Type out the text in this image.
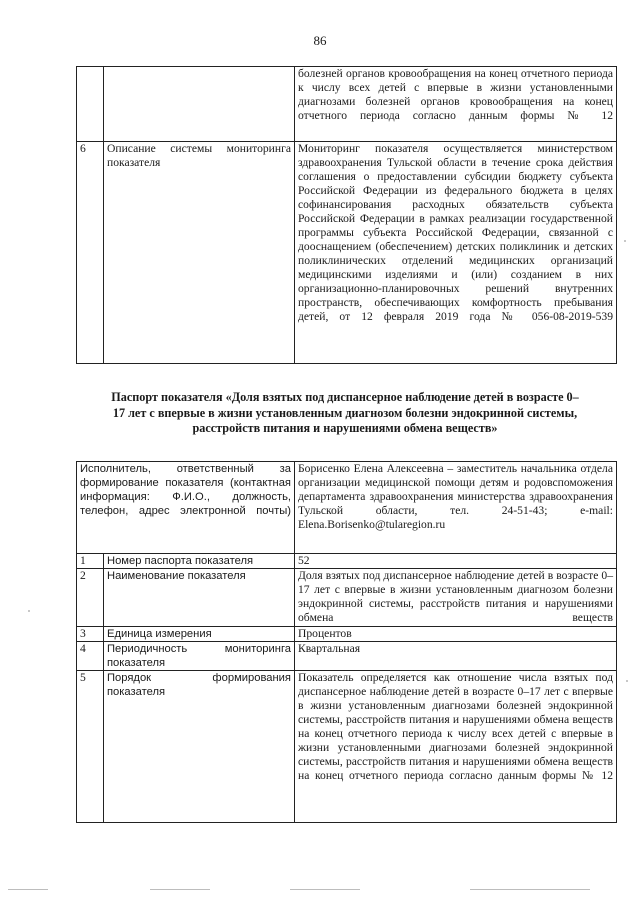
86
		болезней органов кровообращения на конец отчетного периода к числу всех детей с впервые в жизни установленными диагнозами болезней органов кровообращения на конец отчетного периода согласно данным формы № 12
6	Описание системы мониторинга показателя	Мониторинг показателя осуществляется министерством здравоохранения Тульской области в течение срока действия соглашения о предоставлении субсидии бюджету субъекта Российской Федерации из федерального бюджета в целях софинансирования расходных обязательств субъекта Российской Федерации в рамках реализации государственной программы субъекта Российской Федерации, связанной с дооснащением (обеспечением) детских поликлиник и детских поликлинических отделений медицинских организаций медицинскими изделиями и (или) созданием в них организационно-планировочных решений внутренних пространств, обеспечивающих комфортность пребывания детей, от 12 февраля 2019 года № 056-08-2019-539
Паспорт показателя «Доля взятых под диспансерное наблюдение детей в возрасте 0–17 лет с впервые в жизни установленным диагнозом болезни эндокринной системы, расстройств питания и нарушениями обмена веществ»
Исполнитель, ответственный за формирование показателя (контактная информация: Ф.И.О., должность, телефон, адрес электронной почты)		Борисенко Елена Алексеевна – заместитель начальника отдела организации медицинской помощи детям и родовспоможения департамента здравоохранения министерства здравоохранения Тульской области, тел. 24-51-43; e-mail: Elena.Borisenko@tularegion.ru
1	Номер паспорта показателя	52
2	Наименование показателя	Доля взятых под диспансерное наблюдение детей в возрасте 0–17 лет с впервые в жизни установленным диагнозом болезни эндокринной системы, расстройств питания и нарушениями обмена веществ
3	Единица измерения	Процентов
4	Периодичность мониторинга показателя	Квартальная
5	Порядок формирования показателя	Показатель определяется как отношение числа взятых под диспансерное наблюдение детей в возрасте 0–17 лет с впервые в жизни установленным диагнозами болезней эндокринной системы, расстройств питания и нарушениями обмена веществ на конец отчетного периода к числу всех детей с впервые в жизни установленными диагнозами болезней эндокринной системы, расстройств питания и нарушениями обмена веществ на конец отчетного периода согласно данным формы № 12
